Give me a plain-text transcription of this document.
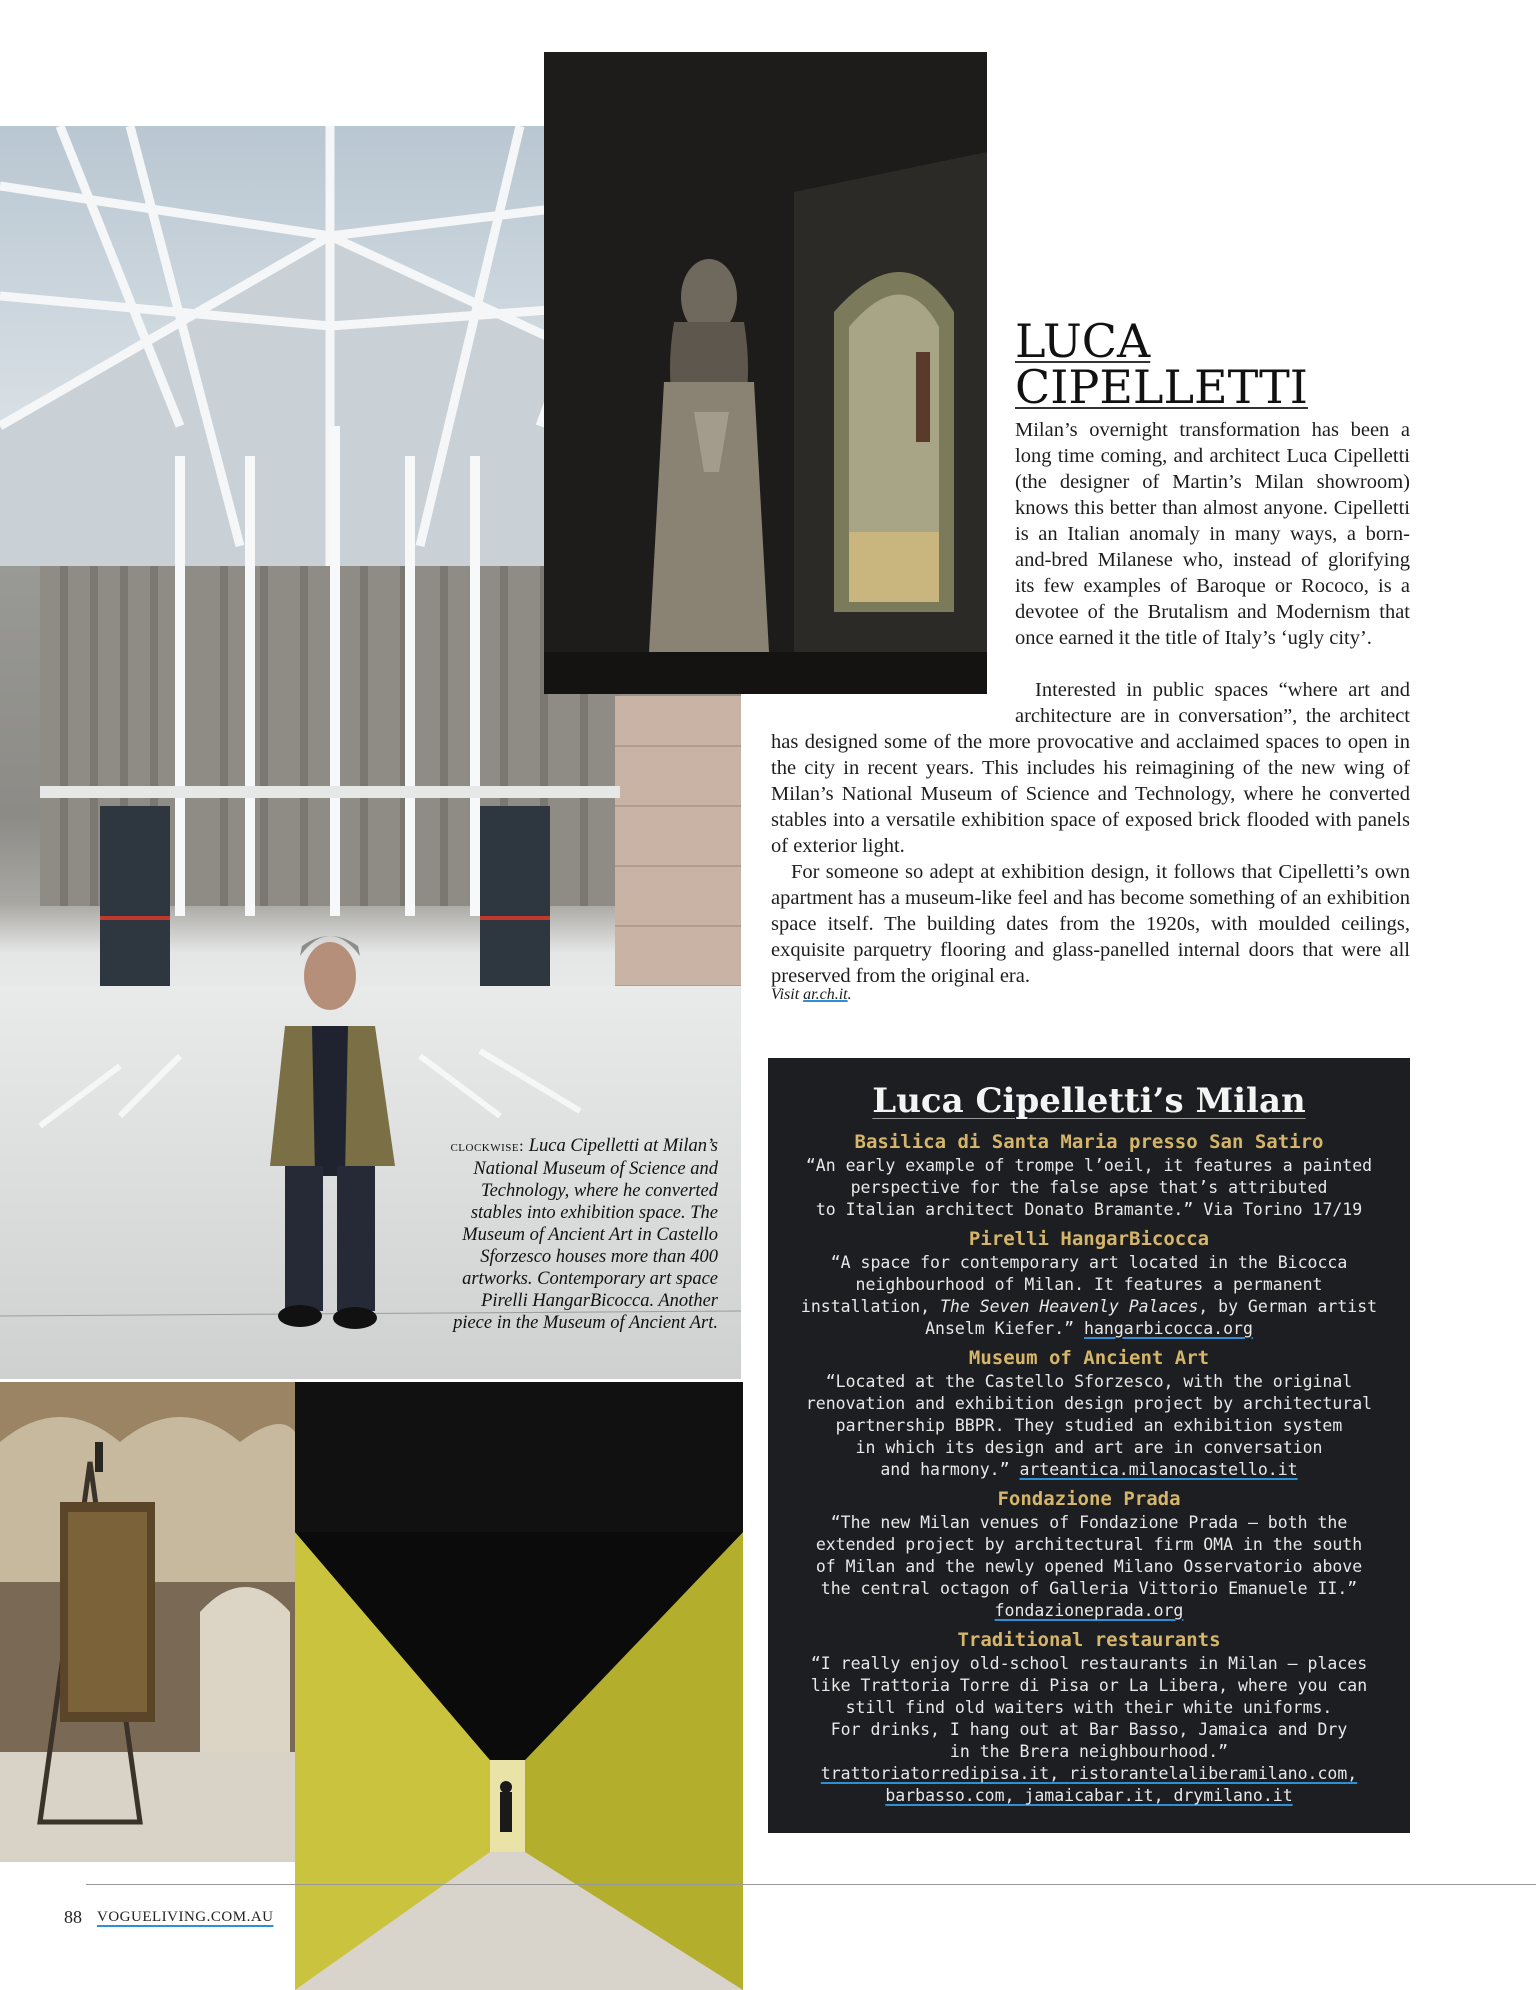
LUCA
CIPELLETTI

Milan’s overnight transformation has been a long time coming, and architect Luca Cipelletti (the designer of Martin’s Milan showroom) knows this better than almost anyone. Cipelletti is an Italian anomaly in many ways, a born-and-bred Milanese who, instead of glorifying its few examples of Baroque or Rococo, is a devotee of the Brutalism and Modernism that once earned it the title of Italy’s ‘ugly city’.

Interested in public spaces “where art and architecture are in conversation”, the architect has designed some of the more provocative and acclaimed spaces to open in the city in recent years. This includes his reimagining of the new wing of Milan’s National Museum of Science and Technology, where he converted stables into a versatile exhibition space of exposed brick flooded with panels of exterior light.

For someone so adept at exhibition design, it follows that Cipelletti’s own apartment has a museum-like feel and has become something of an exhibition space itself. The building dates from the 1920s, with moulded ceilings, exquisite parquetry flooring and glass-panelled internal doors that were all preserved from the original era.

Visit ar.ch.it.

clockwise: Luca Cipelletti at Milan’s National Museum of Science and Technology, where he converted stables into exhibition space. The Museum of Ancient Art in Castello Sforzesco houses more than 400 artworks. Contemporary art space Pirelli HangarBicocca. Another piece in the Museum of Ancient Art.

Luca Cipelletti’s Milan

Basilica di Santa Maria presso San Satiro

“An early example of trompe l’oeil, it features a painted
perspective for the false apse that’s attributed
to Italian architect Donato Bramante.” Via Torino 17/19

Pirelli HangarBicocca

“A space for contemporary art located in the Bicocca
neighbourhood of Milan. It features a permanent
installation, The Seven Heavenly Palaces, by German artist
Anselm Kiefer.” hangarbicocca.org

Museum of Ancient Art

“Located at the Castello Sforzesco, with the original
renovation and exhibition design project by architectural
partnership BBPR. They studied an exhibition system
in which its design and art are in conversation
and harmony.” arteantica.milanocastello.it

Fondazione Prada

“The new Milan venues of Fondazione Prada – both the
extended project by architectural firm OMA in the south
of Milan and the newly opened Milano Osservatorio above
the central octagon of Galleria Vittorio Emanuele II.”
fondazioneprada.org

Traditional restaurants

“I really enjoy old-school restaurants in Milan – places
like Trattoria Torre di Pisa or La Libera, where you can
still find old waiters with their white uniforms.
For drinks, I hang out at Bar Basso, Jamaica and Dry
in the Brera neighbourhood.”
trattoriatorredipisa.it, ristorantelaliberamilano.com,
barbasso.com, jamaicabar.it, drymilano.it

88 VOGUELIVING.COM.AU
